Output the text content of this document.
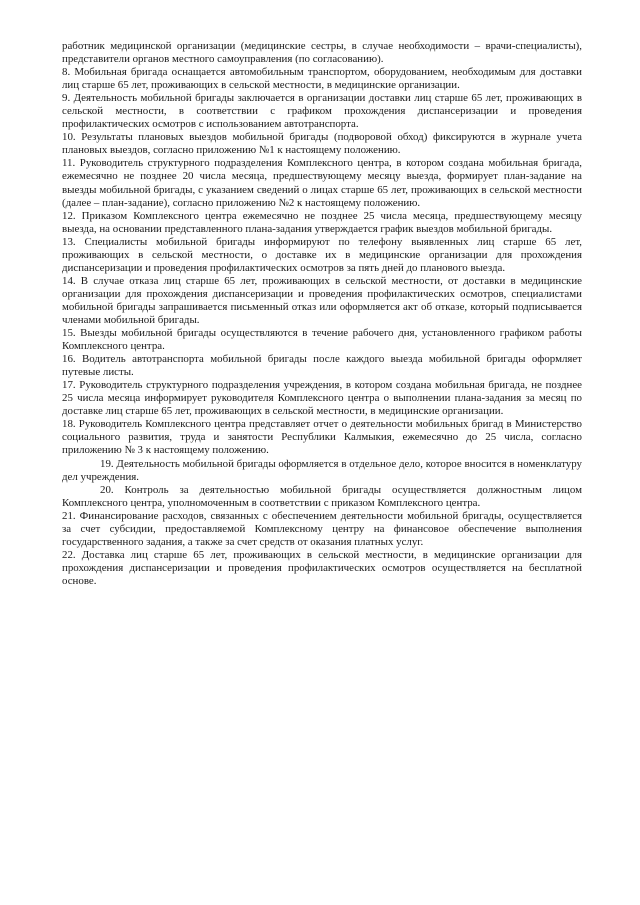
работник медицинской организации (медицинские сестры, в случае необходимости – врачи-специалисты), представители органов местного самоуправления (по согласованию).

8. Мобильная бригада оснащается автомобильным транспортом, оборудованием, необходимым для доставки лиц старше 65 лет, проживающих в сельской местности, в медицинские организации.

9. Деятельность мобильной бригады заключается в организации доставки лиц старше 65 лет, проживающих в сельской местности, в соответствии с графиком прохождения диспансеризации и проведения профилактических осмотров с использованием автотранспорта.

10. Результаты плановых выездов мобильной бригады (подворовой обход) фиксируются в журнале учета плановых выездов, согласно приложению №1 к настоящему положению.

11. Руководитель структурного подразделения Комплексного центра, в котором создана мобильная бригада, ежемесячно не позднее 20 числа месяца, предшествующему месяцу выезда, формирует план-задание на выезды мобильной бригады, с указанием сведений о лицах старше 65 лет, проживающих в сельской местности (далее – план-задание), согласно приложению №2 к настоящему положению.

12. Приказом Комплексного центра ежемесячно не позднее 25 числа месяца, предшествующему месяцу выезда, на основании представленного плана-задания утверждается график выездов мобильной бригады.

13. Специалисты мобильной бригады информируют по телефону выявленных лиц старше 65 лет, проживающих в сельской местности, о доставке их в медицинские организации для прохождения диспансеризации и проведения профилактических осмотров за пять дней до планового выезда.

14. В случае отказа лиц старше 65 лет, проживающих в сельской местности, от доставки в медицинские организации для прохождения диспансеризации и проведения профилактических осмотров, специалистами мобильной бригады запрашивается письменный отказ или оформляется акт об отказе, который подписывается членами мобильной бригады.

15. Выезды мобильной бригады осуществляются в течение рабочего дня, установленного графиком работы Комплексного центра.

16. Водитель автотранспорта мобильной бригады после каждого выезда мобильной бригады оформляет путевые листы.

17. Руководитель структурного подразделения учреждения, в котором создана мобильная бригада, не позднее 25 числа месяца информирует руководителя Комплексного центра о выполнении плана-задания за месяц по доставке лиц старше 65 лет, проживающих в сельской местности, в медицинские организации.

18. Руководитель Комплексного центра представляет отчет о деятельности мобильных бригад в Министерство социального развития, труда и занятости Республики Калмыкия, ежемесячно до 25 числа, согласно приложению № 3 к настоящему положению.

19. Деятельность мобильной бригады оформляется в отдельное дело, которое вносится в номенклатуру дел учреждения.

20. Контроль за деятельностью мобильной бригады осуществляется должностным лицом Комплексного центра, уполномоченным в соответствии с приказом Комплексного центра.

21. Финансирование расходов, связанных с обеспечением деятельности мобильной бригады, осуществляется за счет субсидии, предоставляемой Комплексному центру на финансовое обеспечение выполнения государственного задания, а также за счет средств от оказания платных услуг.

22. Доставка лиц старше 65 лет, проживающих в сельской местности, в медицинские организации для прохождения диспансеризации и проведения профилактических осмотров осуществляется на бесплатной основе.
